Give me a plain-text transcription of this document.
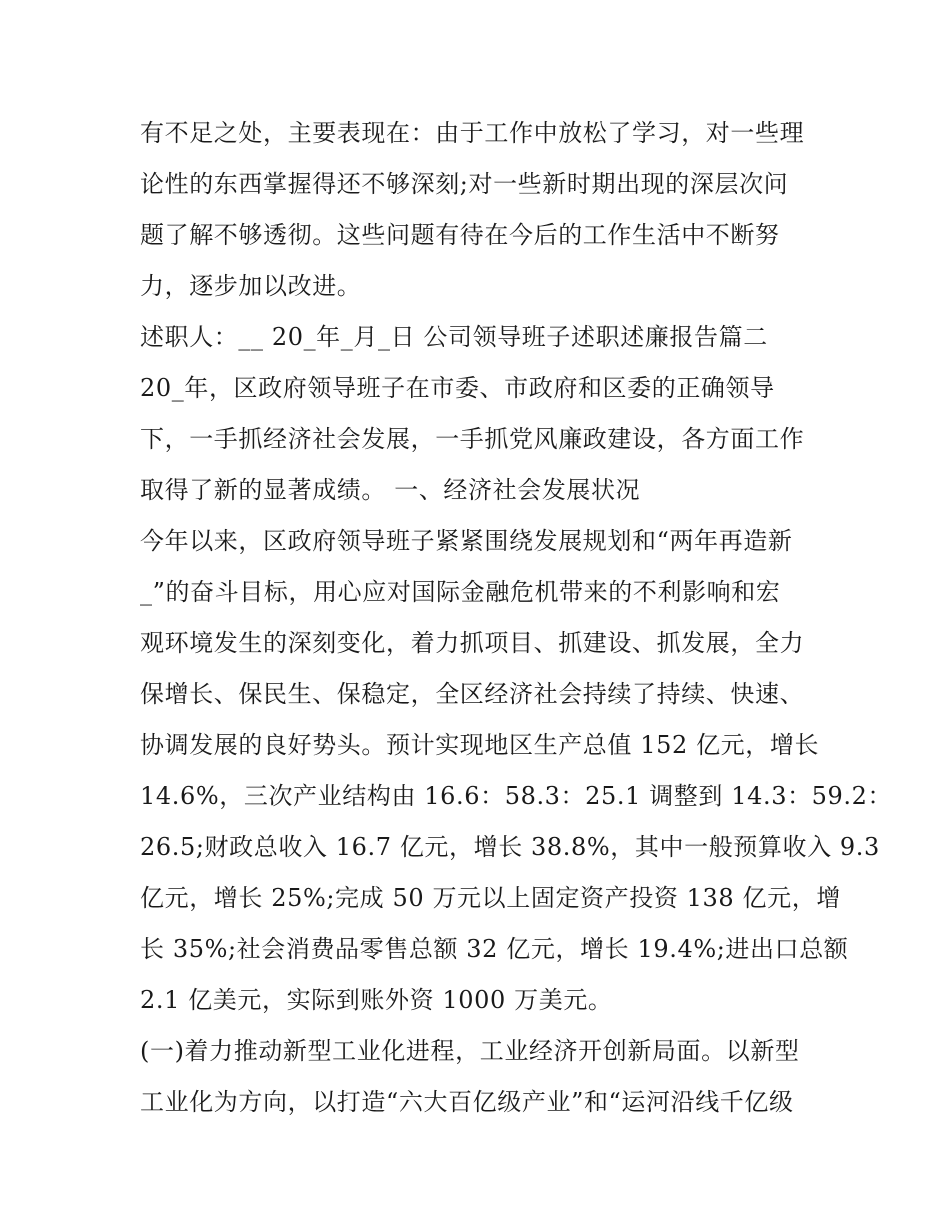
有不足之处，主要表现在：由于工作中放松了学习，对一些理
论性的东西掌握得还不够深刻;对一些新时期出现的深层次问
题了解不够透彻。这些问题有待在今后的工作生活中不断努
力，逐步加以改进。
述职人：__ 20_年_月_日 公司领导班子述职述廉报告篇二
20_年，区政府领导班子在市委、市政府和区委的正确领导
下，一手抓经济社会发展，一手抓党风廉政建设，各方面工作
取得了新的显著成绩。 一、经济社会发展状况
今年以来，区政府领导班子紧紧围绕发展规划和“两年再造新
_”的奋斗目标，用心应对国际金融危机带来的不利影响和宏
观环境发生的深刻变化，着力抓项目、抓建设、抓发展，全力
保增长、保民生、保稳定，全区经济社会持续了持续、快速、
协调发展的良好势头。预计实现地区生产总值 152 亿元，增长
14.6%，三次产业结构由 16.6：58.3：25.1 调整到 14.3：59.2：
26.5;财政总收入 16.7 亿元，增长 38.8%，其中一般预算收入 9.3
亿元，增长 25%;完成 50 万元以上固定资产投资 138 亿元，增
长 35%;社会消费品零售总额 32 亿元，增长 19.4%;进出口总额
2.1 亿美元，实际到账外资 1000 万美元。
(一)着力推动新型工业化进程，工业经济开创新局面。以新型
工业化为方向，以打造“六大百亿级产业”和“运河沿线千亿级
